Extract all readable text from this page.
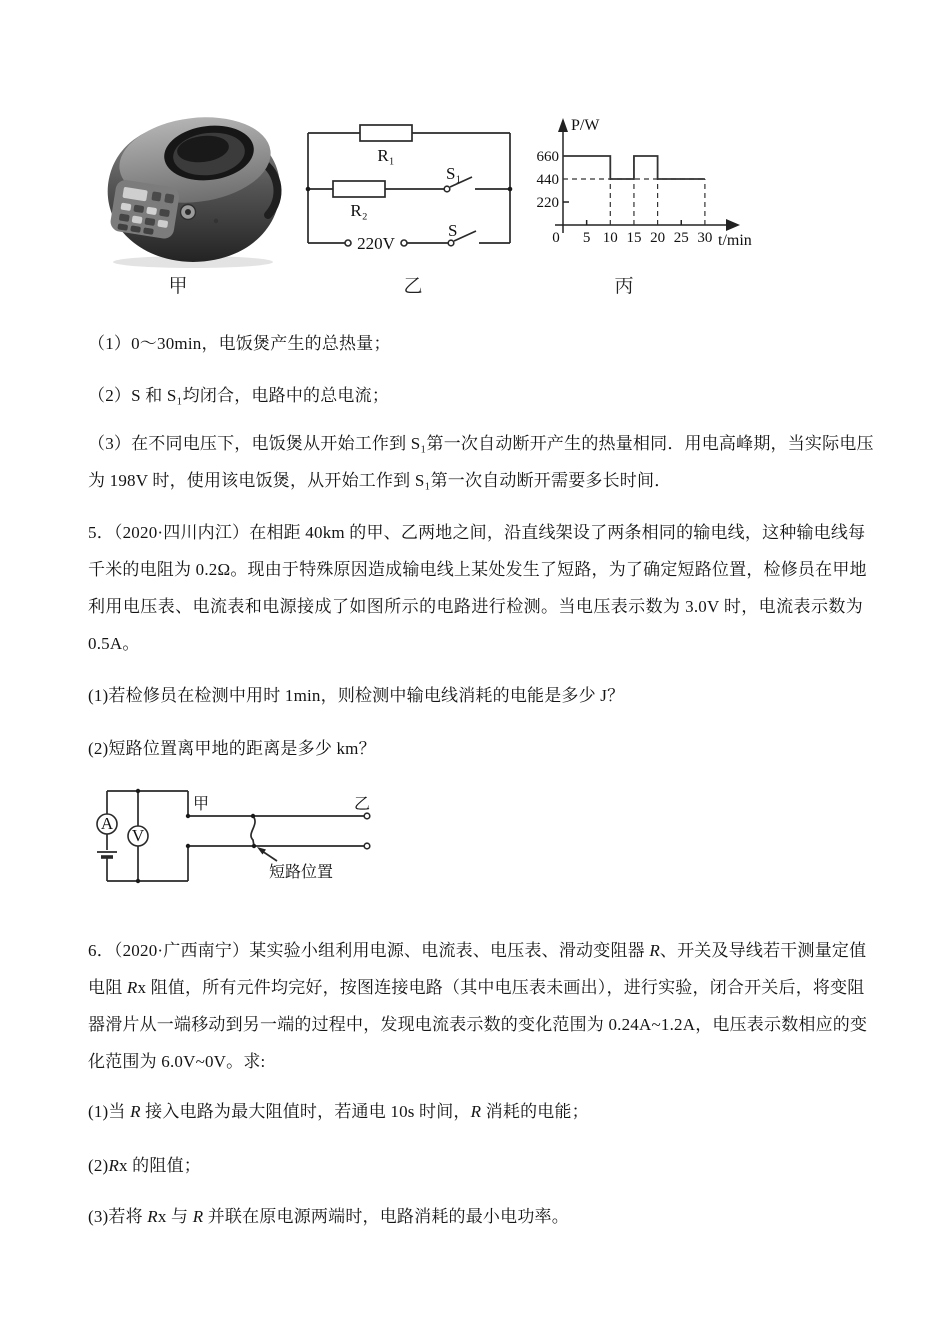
R₁
R₂
S₁
S
220V
P/W
t/min
660
440
220
0 5 10 15 20 25 30
甲	乙	丙
（1）0～30min，电饭煲产生的总热量；
（2）S 和 S₁均闭合，电路中的总电流；
（3）在不同电压下，电饭煲从开始工作到 S₁第一次自动断开产生的热量相同．用电高峰期，当实际电压
为 198V 时，使用该电饭煲，从开始工作到 S₁第一次自动断开需要多长时间．
5．（2020·四川内江）在相距 40km 的甲、乙两地之间，沿直线架设了两条相同的输电线，这种输电线每
千米的电阻为 0.2Ω。现由于特殊原因造成输电线上某处发生了短路，为了确定短路位置，检修员在甲地
利用电压表、电流表和电源接成了如图所示的电路进行检测。当电压表示数为 3.0V 时，电流表示数为
0.5A。
(1)若检修员在检测中用时 1min，则检测中输电线消耗的电能是多少 J？
(2)短路位置离甲地的距离是多少 km？
A
V
甲	乙
短路位置
6．（2020·广西南宁）某实验小组利用电源、电流表、电压表、滑动变阻器 R、开关及导线若干测量定值
电阻 Rx 阻值，所有元件均完好，按图连接电路（其中电压表未画出），进行实验，闭合开关后，将变阻
器滑片从一端移动到另一端的过程中，发现电流表示数的变化范围为 0.24A~1.2A，电压表示数相应的变
化范围为 6.0V~0V。求:
(1)当 R 接入电路为最大阻值时，若通电 10s 时间，R 消耗的电能；
(2)Rx 的阻值；
(3)若将 Rx 与 R 并联在原电源两端时，电路消耗的最小电功率。
